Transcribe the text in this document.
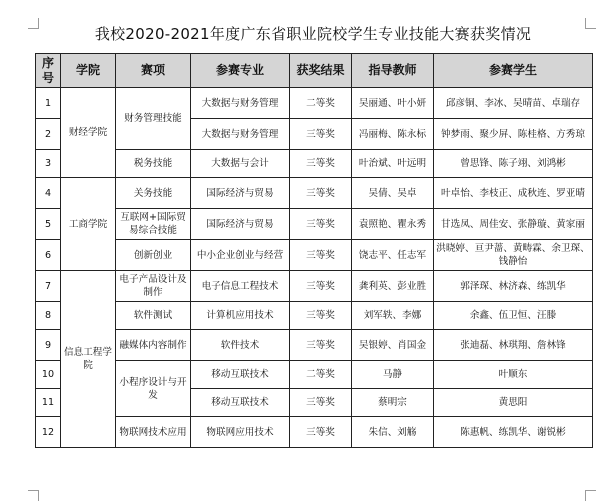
我校2020-2021年度广东省职业院校学生专业技能大赛获奖情况
序号	学院	赛项	参赛专业	获奖结果	指导教师	参赛学生
1	财经学院	财务管理技能	大数据与财务管理	二等奖	吴丽通、叶小妍	邱彦铜、李冰、吴晴苗、卓瑞存
2			大数据与财务管理	三等奖	冯丽梅、陈永标	钟梦雨、聚少屏、陈桂格、方秀琼
3		税务技能	大数据与会计	三等奖	叶治斌、叶远明	曾思锋、陈子翊、刘鸿彬
4	工商学院	关务技能	国际经济与贸易	三等奖	吴倩、吴卓	叶卓怡、李枝正、成秋连、罗亚晴
5		互联网+国际贸易综合技能	国际经济与贸易	三等奖	袁照艳、瞿永秀	甘选凤、周佳安、张静璇、黄家丽
6		创新创业	中小企业创业与经营	三等奖	饶志平、任志军	洪晓婷、亘尹蔷、黄畴霖、余卫琛、钱静怡
7	信息工程学院	电子产品设计及制作	电子信息工程技术	三等奖	龚利英、彭业胜	郭泽琛、林济森、练凯华
8		软件测试	计算机应用技术	三等奖	刘军轶、李娜	余鑫、伍卫恒、汪滕
9		融媒体内容制作	软件技术	三等奖	吴银婷、肖国金	张迪磊、林琪翔、詹林锋
10		小程序设计与开发	移动互联技术	二等奖	马静	叶顺东
11			移动互联技术	三等奖	蔡明宗	黄思阳
12		物联网技术应用	物联网应用技术	三等奖	朱信、刘觞	陈惠帆、练凯华、谢锐彬
